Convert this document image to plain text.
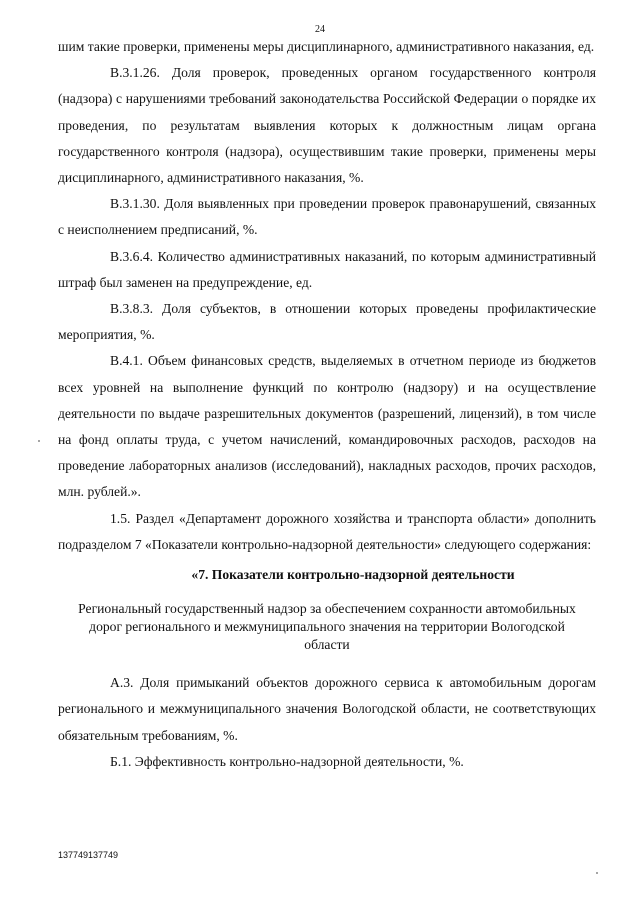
24

шим такие проверки, применены меры дисциплинарного, административного наказания, ед.

В.3.1.26. Доля проверок, проведенных органом государственного контроля (надзора) с нарушениями требований законодательства Российской Федерации о порядке их проведения, по результатам выявления которых к должностным лицам органа государственного контроля (надзора), осуществившим такие проверки, применены меры дисциплинарного, административного наказания, %.

В.3.1.30. Доля выявленных при проведении проверок правонарушений, связанных с неисполнением предписаний, %.

В.3.6.4. Количество административных наказаний, по которым административный штраф был заменен на предупреждение, ед.

В.3.8.3. Доля субъектов, в отношении которых проведены профилактические мероприятия, %.

В.4.1. Объем финансовых средств, выделяемых в отчетном периоде из бюджетов всех уровней на выполнение функций по контролю (надзору) и на осуществление деятельности по выдаче разрешительных документов (разрешений, лицензий), в том числе на фонд оплаты труда, с учетом начислений, командировочных расходов, расходов на проведение лабораторных анализов (исследований), накладных расходов, прочих расходов, млн. рублей.».

1.5. Раздел «Департамент дорожного хозяйства и транспорта области» дополнить подразделом 7 «Показатели контрольно-надзорной деятельности» следующего содержания:

«7. Показатели контрольно-надзорной деятельности

Региональный государственный надзор за обеспечением сохранности автомобильных дорог регионального и межмуниципального значения на территории Вологодской области

А.3. Доля примыканий объектов дорожного сервиса к автомобильным дорогам регионального и межмуниципального значения Вологодской области, не соответствующих обязательным требованиям, %.

Б.1. Эффективность контрольно-надзорной деятельности, %.

137749137749
